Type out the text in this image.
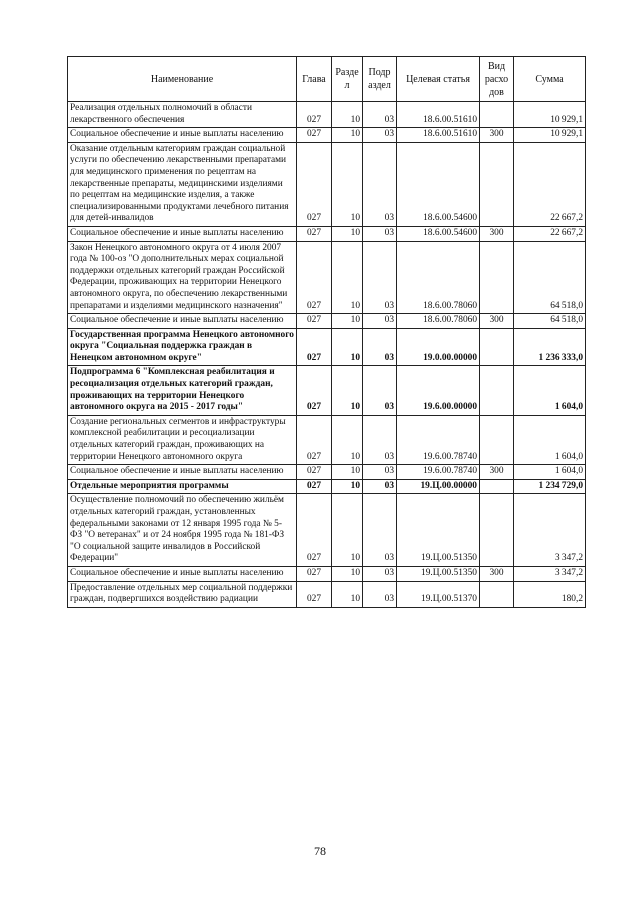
Наименование	Глава	Разде л	Подр аздел	Целевая статья	Вид расхо дов	Сумма
Реализация отдельных полномочий в области лекарственного обеспечения	027	10	03	18.6.00.51610		10 929,1
Социальное обеспечение и иные выплаты населению	027	10	03	18.6.00.51610	300	10 929,1
Оказание отдельным категориям граждан социальной услуги по обеспечению лекарственными препаратами для медицинского применения по рецептам на лекарственные препараты, медицинскими изделиями по рецептам на медицинские изделия, а также специализированными продуктами лечебного питания для детей-инвалидов	027	10	03	18.6.00.54600		22 667,2
Социальное обеспечение и иные выплаты населению	027	10	03	18.6.00.54600	300	22 667,2
Закон Ненецкого автономного округа от 4 июля 2007 года № 100-оз "О дополнительных мерах социальной поддержки отдельных категорий граждан Российской Федерации, проживающих на территории Ненецкого автономного округа, по обеспечению лекарственными препаратами и изделиями медицинского назначения"	027	10	03	18.6.00.78060		64 518,0
Социальное обеспечение и иные выплаты населению	027	10	03	18.6.00.78060	300	64 518,0
Государственная программа Ненецкого автономного округа "Социальная поддержка граждан в Ненецком автономном округе"	027	10	03	19.0.00.00000		1 236 333,0
Подпрограмма 6 "Комплексная реабилитация и ресоциализация отдельных категорий граждан, проживающих на территории Ненецкого автономного округа на 2015 - 2017 годы"	027	10	03	19.6.00.00000		1 604,0
Создание региональных сегментов и инфраструктуры комплексной реабилитации и ресоциализации отдельных категорий граждан, проживающих на территории Ненецкого автономного округа	027	10	03	19.6.00.78740		1 604,0
Социальное обеспечение и иные выплаты населению	027	10	03	19.6.00.78740	300	1 604,0
Отдельные мероприятия программы	027	10	03	19.Ц.00.00000		1 234 729,0
Осуществление полномочий по обеспечению жильём отдельных категорий граждан, установленных федеральными законами от 12 января 1995 года № 5-ФЗ "О ветеранах" и от 24 ноября 1995 года № 181-ФЗ "О социальной защите инвалидов в Российской Федерации"	027	10	03	19.Ц.00.51350		3 347,2
Социальное обеспечение и иные выплаты населению	027	10	03	19.Ц.00.51350	300	3 347,2
Предоставление отдельных мер социальной поддержки граждан, подвергшихся воздействию радиации	027	10	03	19.Ц.00.51370		180,2
78
